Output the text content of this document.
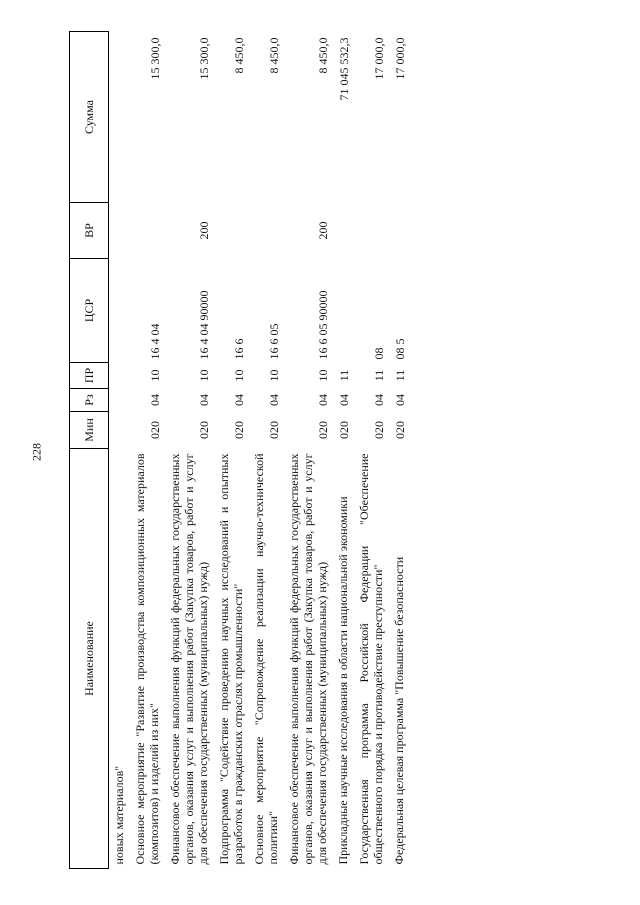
228
Наименование	Мин	Рз	ПР	ЦСР	ВР	Сумма
новых материалов"						
Основное мероприятие "Развитие производства композиционных материалов (композитов) и изделий из них"	020	04	10	16 4 04		15 300,0
Финансовое обеспечение выполнения функций федеральных государственных органов, оказания услуг и выполнения работ (Закупка товаров, работ и услуг для обеспечения государственных (муниципальных) нужд)	020	04	10	16 4 04 90000	200	15 300,0
Подпрограмма "Содействие проведению научных исследований и опытных разработок в гражданских отраслях промышленности"	020	04	10	16 6		8 450,0
Основное мероприятие "Сопровождение реализации научно-технической политики"	020	04	10	16 6 05		8 450,0
Финансовое обеспечение выполнения функций федеральных государственных органов, оказания услуг и выполнения работ (Закупка товаров, работ и услуг для обеспечения государственных (муниципальных) нужд)	020	04	10	16 6 05 90000	200	8 450,0
Прикладные научные исследования в области национальной экономики	020	04	11			71 045 532,3
Государственная программа Российской Федерации "Обеспечение общественного порядка и противодействие преступности"	020	04	11	08		17 000,0
Федеральная целевая программа "Повышение безопасности	020	04	11	08 5		17 000,0
